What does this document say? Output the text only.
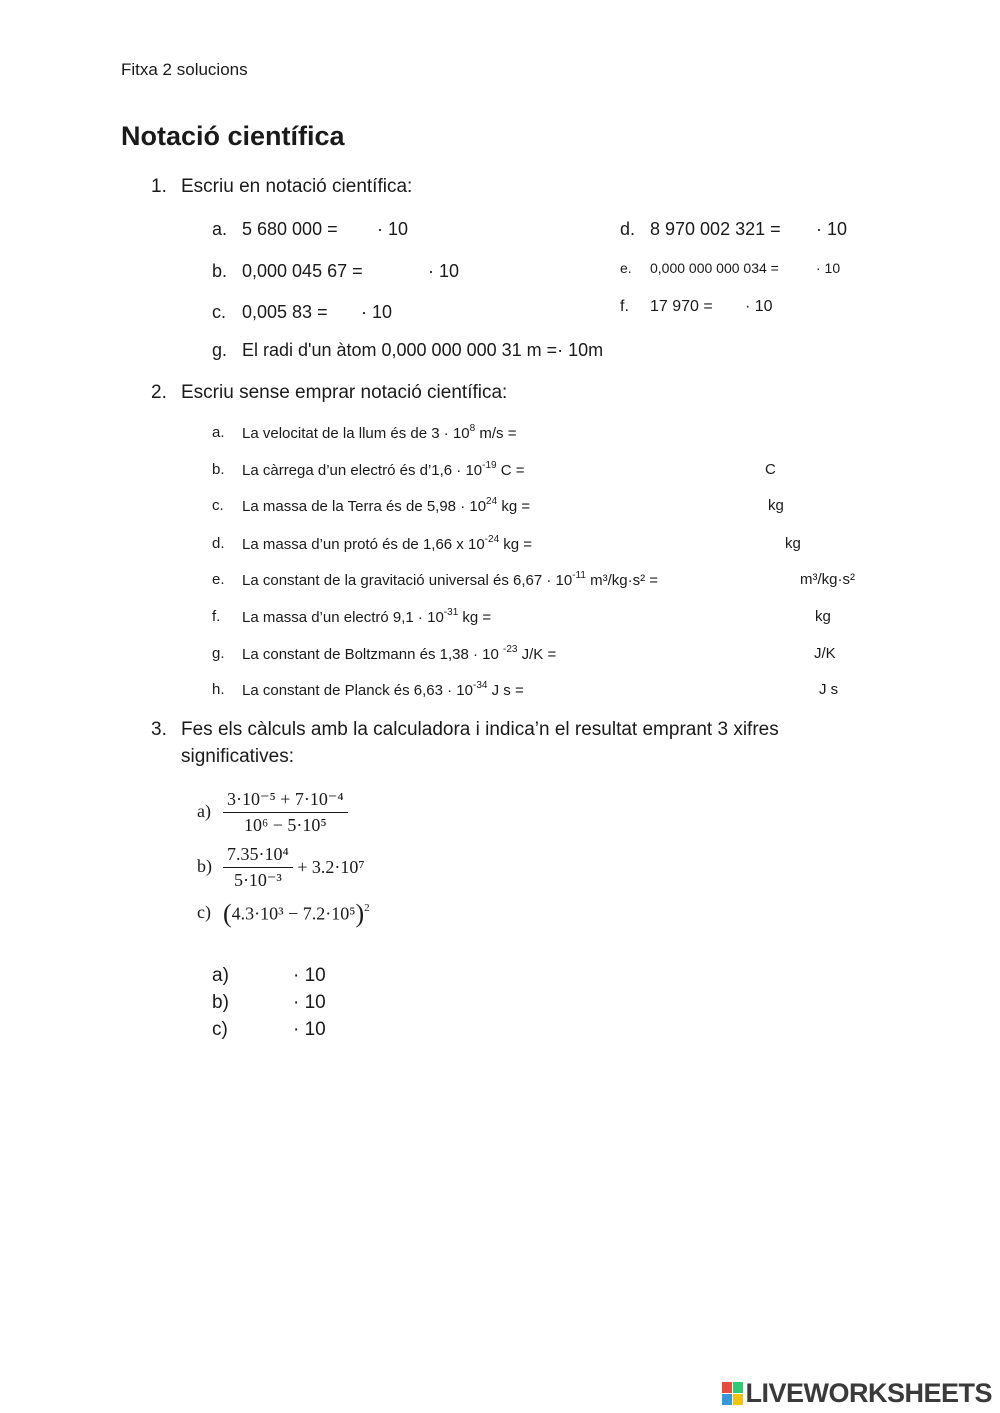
Fitxa 2 solucions
Notació científica
1. Escriu en notació científica:
a. 5 680 000 = · 10
b. 0,000 045 67 =	· 10
c. 0,005 83 = · 10
d. 8 970 002 321 = · 10
e. 0,000 000 000 034 =	· 10
f. 17 970 = · 10
g. El radi d'un àtom 0,000 000 000 31 m =· 10m
2. Escriu sense emprar notació científica:
a. La velocitat de la llum és de $3 \cdot 10^8$ m/s =
b. La càrrega d’un electró és d’1,6 · $10^{-19}$ C =	C
c. La massa de la Terra és de $5,98 \cdot 10^{24}$ kg =	kg
d. La massa d’un protó és de 1,66 x $10^{-24}$ kg =	kg
e. La constant de la gravitació universal és $6,67 \cdot 10^{-11}$ m³/kg·s² =	m³/kg·s²
f. La massa d’un electró $9,1 \cdot 10^{-31}$ kg =	kg
g. La constant de Boltzmann és 1,38 · 10 $^{-23}$ J/K =	J/K
h. La constant de Planck és $6,63 \cdot 10^{-34}$ J s =	J s
3. Fes els càlculs amb la calculadora i indica’n el resultat emprant 3 xifres
significatives:
$a) \frac{\text{3·10⁻⁵ + 7·10⁻⁴}}{\text{10⁶ − 5·10⁵}}$
$b) \frac{\text{7.35·10⁴}}{\text{5·10⁻³}} + 3.2\cdot 10^7$
c) $(4.3\cdot 10^3 - 7.2\cdot 10^5)^2$
a)	· 10
b)	· 10
c)	· 10
LIVEWORKSHEETS
